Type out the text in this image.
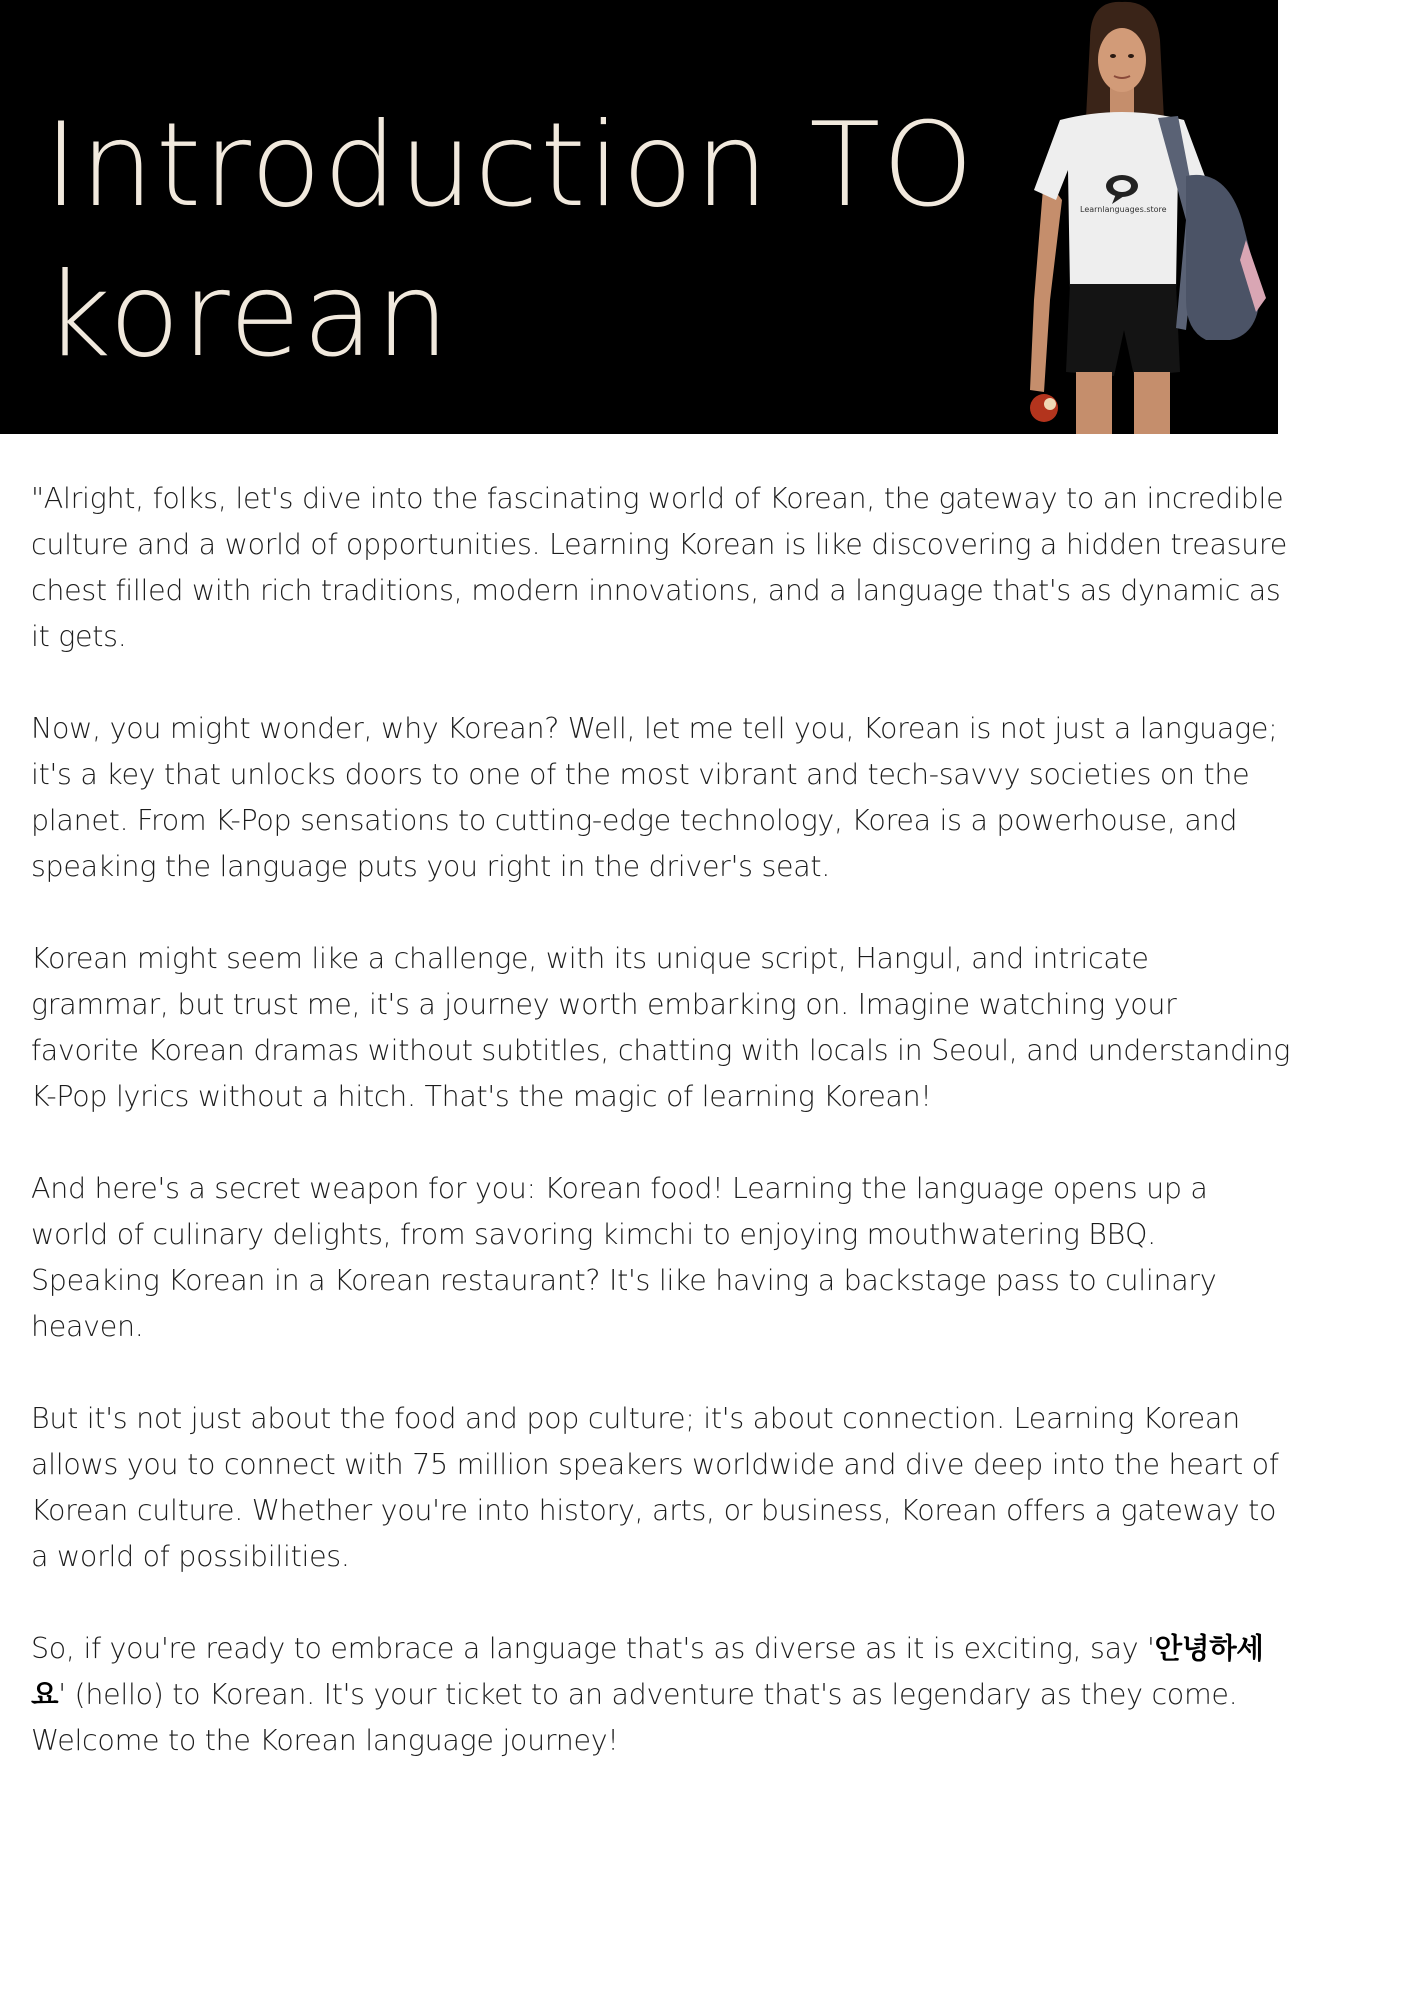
Introduction TO
korean
Learnlanguages.store

"Alright, folks, let's dive into the fascinating world of Korean, the gateway to an incredible culture and a world of opportunities. Learning Korean is like discovering a hidden treasure chest filled with rich traditions, modern innovations, and a language that's as dynamic as it gets.

Now, you might wonder, why Korean? Well, let me tell you, Korean is not just a language; it's a key that unlocks doors to one of the most vibrant and tech-savvy societies on the planet. From K-Pop sensations to cutting-edge technology, Korea is a powerhouse, and speaking the language puts you right in the driver's seat.

Korean might seem like a challenge, with its unique script, Hangul, and intricate grammar, but trust me, it's a journey worth embarking on. Imagine watching your favorite Korean dramas without subtitles, chatting with locals in Seoul, and understanding K-Pop lyrics without a hitch. That's the magic of learning Korean!

And here's a secret weapon for you: Korean food! Learning the language opens up a world of culinary delights, from savoring kimchi to enjoying mouthwatering BBQ. Speaking Korean in a Korean restaurant? It's like having a backstage pass to culinary heaven.

But it's not just about the food and pop culture; it's about connection. Learning Korean allows you to connect with 75 million speakers worldwide and dive deep into the heart of Korean culture. Whether you're into history, arts, or business, Korean offers a gateway to a world of possibilities.

So, if you're ready to embrace a language that's as diverse as it is exciting, say '안녕하세요' (hello) to Korean. It's your ticket to an adventure that's as legendary as they come. Welcome to the Korean language journey!
